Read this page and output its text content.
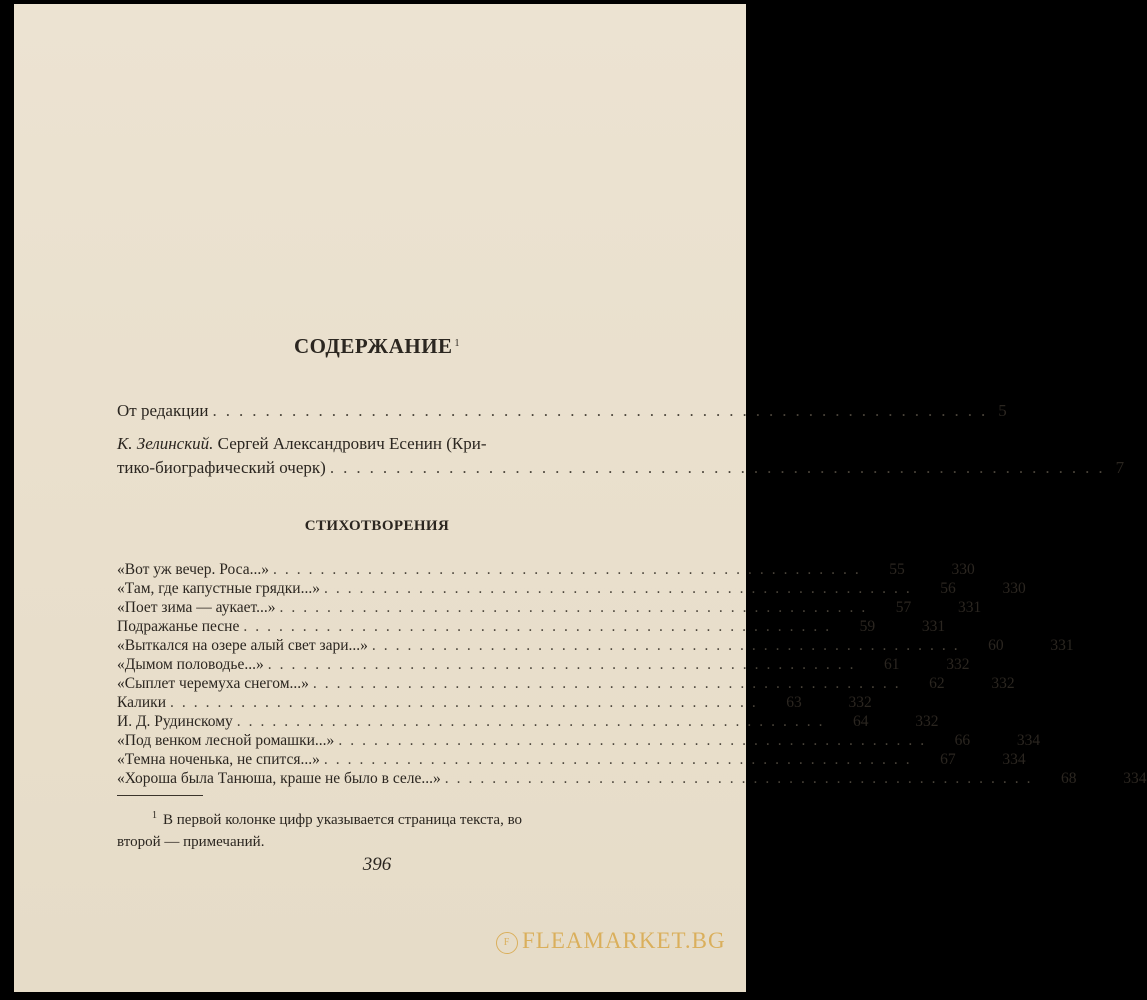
СОДЕРЖАНИЕ $^1$
От редакции ........................................................... 5
К. Зелинский. Сергей Александрович Есенин (Кри-
тико-биографический очерк) ........................................................... 7
СТИХОТВОРЕНИЯ
«Вот уж вечер. Роса...» ..................................................	55	330
«Там, где капустные грядки...» ..................................................	56	330
«Поет зима — аукает...» ..................................................	57	331
Подражанье песне ..................................................	59	331
«Выткался на озере алый свет зари...» ..................................................	60	331
«Дымом половодье...» ..................................................	61	332
«Сыплет черемуха снегом...» ..................................................	62	332
Калики ..................................................	63	332
И. Д. Рудинскому ..................................................	64	332
«Под венком лесной ромашки...» ..................................................	66	334
«Темна ноченька, не спится...» ..................................................	67	334
«Хороша была Танюша, краше не было в селе...» ..................................................	68	334
$^1$ В первой колонке цифр указывается страница текста, во
второй — примечаний.
396
F FLEAMARKET.BG
